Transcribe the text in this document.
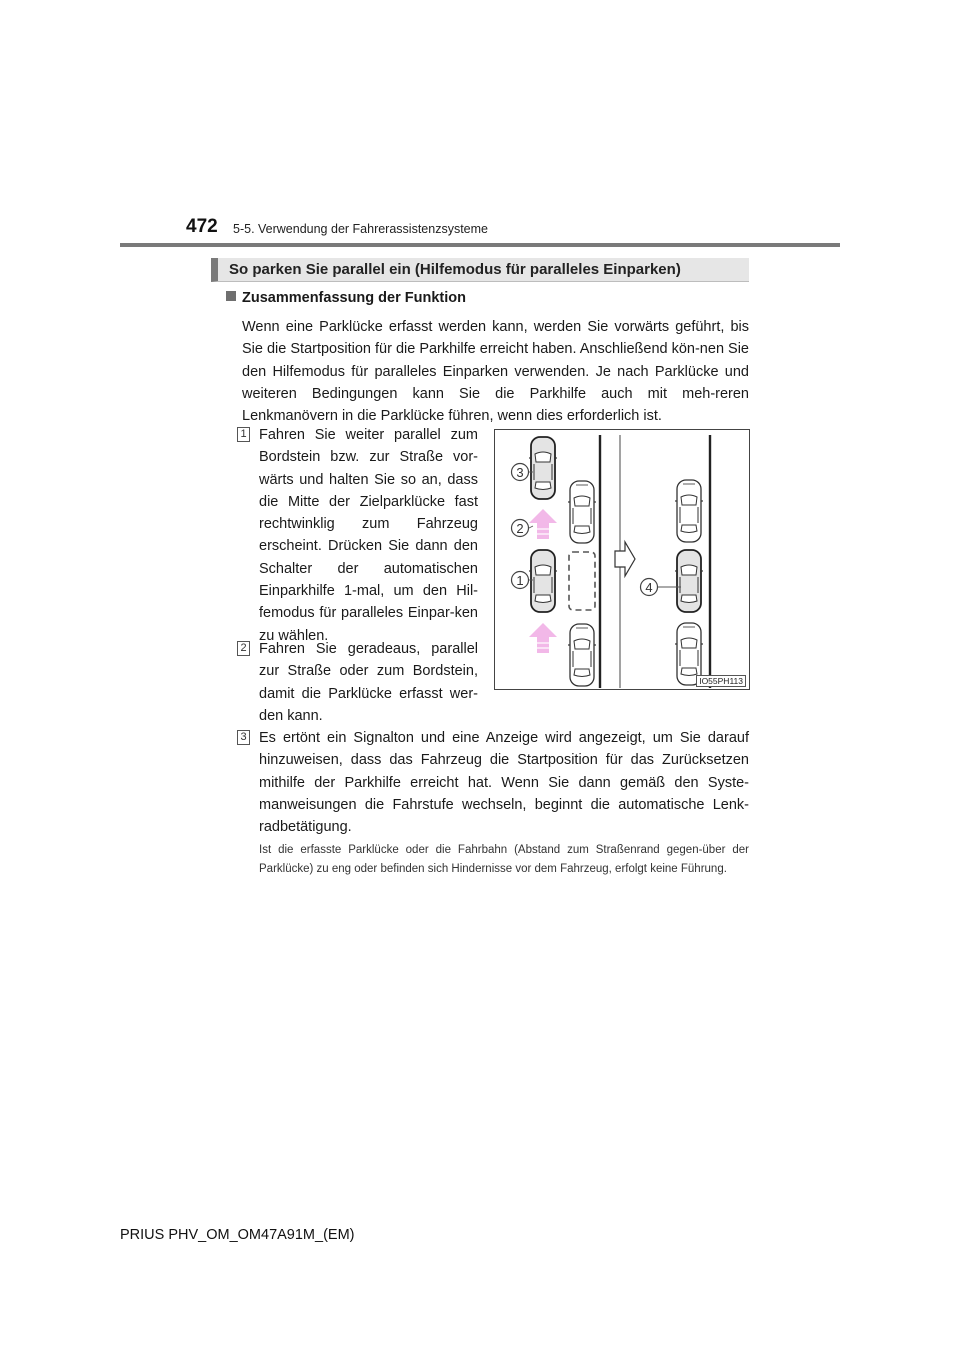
472 5-5. Verwendung der Fahrerassistenzsysteme
So parken Sie parallel ein (Hilfemodus für paralleles Einparken)
Zusammenfassung der Funktion
Wenn eine Parklücke erfasst werden kann, werden Sie vorwärts geführt, bis Sie die Startposition für die Parkhilfe erreicht haben. Anschließend kön-nen Sie den Hilfemodus für paralleles Einparken verwenden. Je nach Parklücke und weiteren Bedingungen kann Sie die Parkhilfe auch mit meh-reren Lenkmanövern in die Parklücke führen, wenn dies erforderlich ist.
1 Fahren Sie weiter parallel zum Bordstein bzw. zur Straße vor-wärts und halten Sie so an, dass die Mitte der Zielparklücke fast rechtwinklig zum Fahrzeug erscheint. Drücken Sie dann den Schalter der automatischen Einparkhilfe 1-mal, um den Hil-femodus für paralleles Einpar-ken zu wählen.
2 Fahren Sie geradeaus, parallel zur Straße oder zum Bordstein, damit die Parklücke erfasst wer-den kann.
3 Es ertönt ein Signalton und eine Anzeige wird angezeigt, um Sie darauf hinzuweisen, dass das Fahrzeug die Startposition für das Zurücksetzen mithilfe der Parkhilfe erreicht hat. Wenn Sie dann gemäß den Syste-manweisungen die Fahrstufe wechseln, beginnt die automatische Lenk-radbetätigung.
Ist die erfasste Parklücke oder die Fahrbahn (Abstand zum Straßenrand gegen-über der Parklücke) zu eng oder befinden sich Hindernisse vor dem Fahrzeug, erfolgt keine Führung.
3
2
1	4
IO55PH113
PRIUS PHV_OM_OM47A91M_(EM)
